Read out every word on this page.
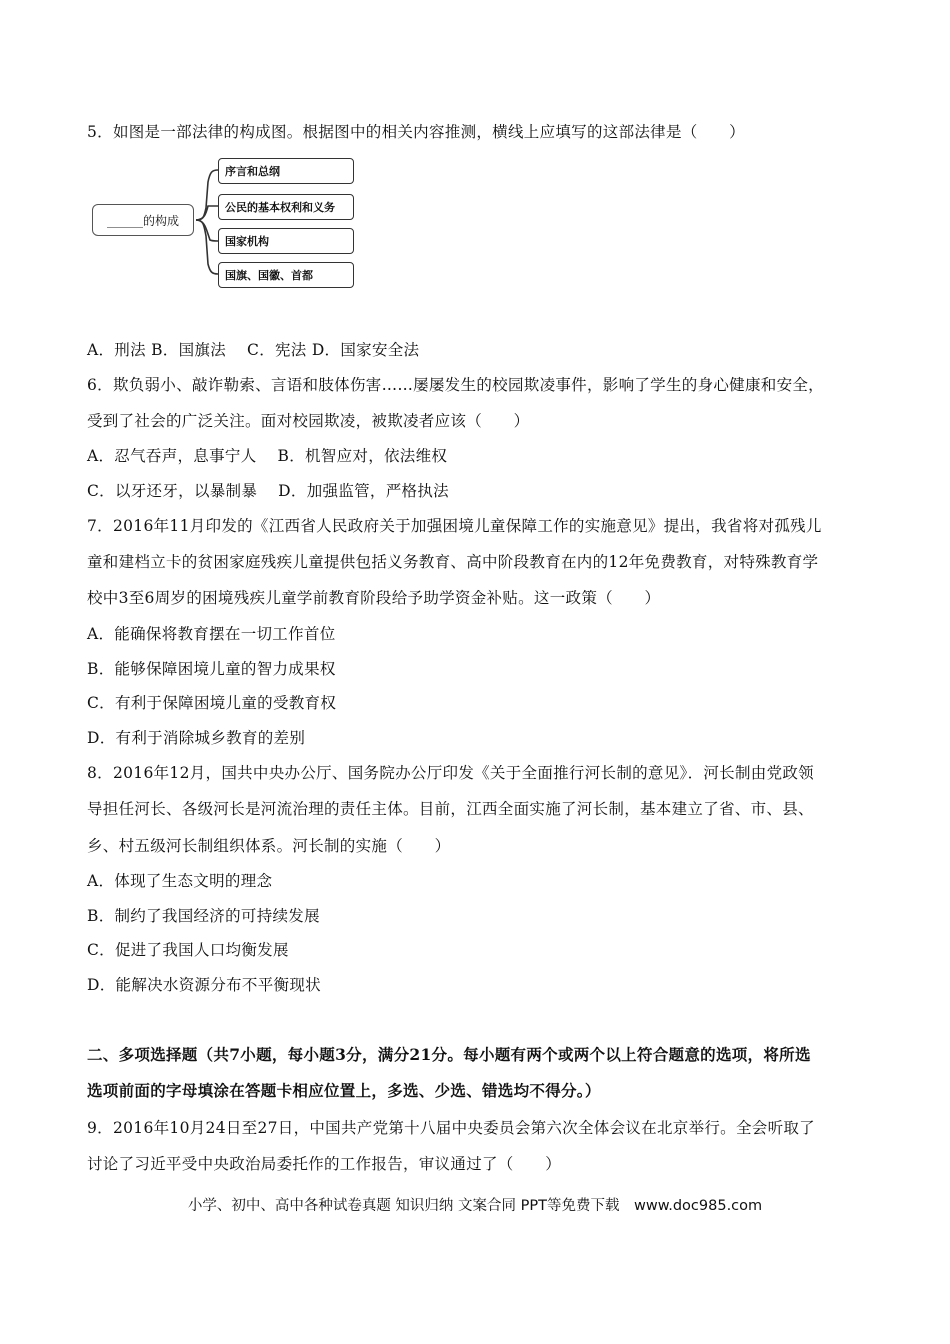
5．如图是一部法律的构成图。根据图中的相关内容推测，横线上应填写的这部法律是（　　）
______的构成
序言和总纲
公民的基本权利和义务
国家机构
国旗、国徽、首都
A．刑法 B．国旗法　 C．宪法 D．国家安全法
6．欺负弱小、敲诈勒索、言语和肢体伤害……屡屡发生的校园欺凌事件，影响了学生的身心健康和安全，
受到了社会的广泛关注。面对校园欺凌，被欺凌者应该（　　）
A．忍气吞声，息事宁人　 B．机智应对，依法维权
C．以牙还牙，以暴制暴　 D．加强监管，严格执法
7．2016年11月印发的《江西省人民政府关于加强困境儿童保障工作的实施意见》提出，我省将对孤残儿
童和建档立卡的贫困家庭残疾儿童提供包括义务教育、高中阶段教育在内的12年免费教育，对特殊教育学
校中3至6周岁的困境残疾儿童学前教育阶段给予助学资金补贴。这一政策（　　）
A．能确保将教育摆在一切工作首位
B．能够保障困境儿童的智力成果权
C．有利于保障困境儿童的受教育权
D．有利于消除城乡教育的差别
8．2016年12月，国共中央办公厅、国务院办公厅印发《关于全面推行河长制的意见》．河长制由党政领
导担任河长、各级河长是河流治理的责任主体。目前，江西全面实施了河长制，基本建立了省、市、县、
乡、村五级河长制组织体系。河长制的实施（　　）
A．体现了生态文明的理念
B．制约了我国经济的可持续发展
C．促进了我国人口均衡发展
D．能解决水资源分布不平衡现状
二、多项选择题（共7小题，每小题3分，满分21分。每小题有两个或两个以上符合题意的选项，将所选
选项前面的字母填涂在答题卡相应位置上，多选、少选、错选均不得分。）
9．2016年10月24日至27日，中国共产党第十八届中央委员会第六次全体会议在北京举行。全会听取了
讨论了习近平受中央政治局委托作的工作报告，审议通过了（　　）
小学、初中、高中各种试卷真题 知识归纳 文案合同 PPT等免费下载　www.doc985.com
